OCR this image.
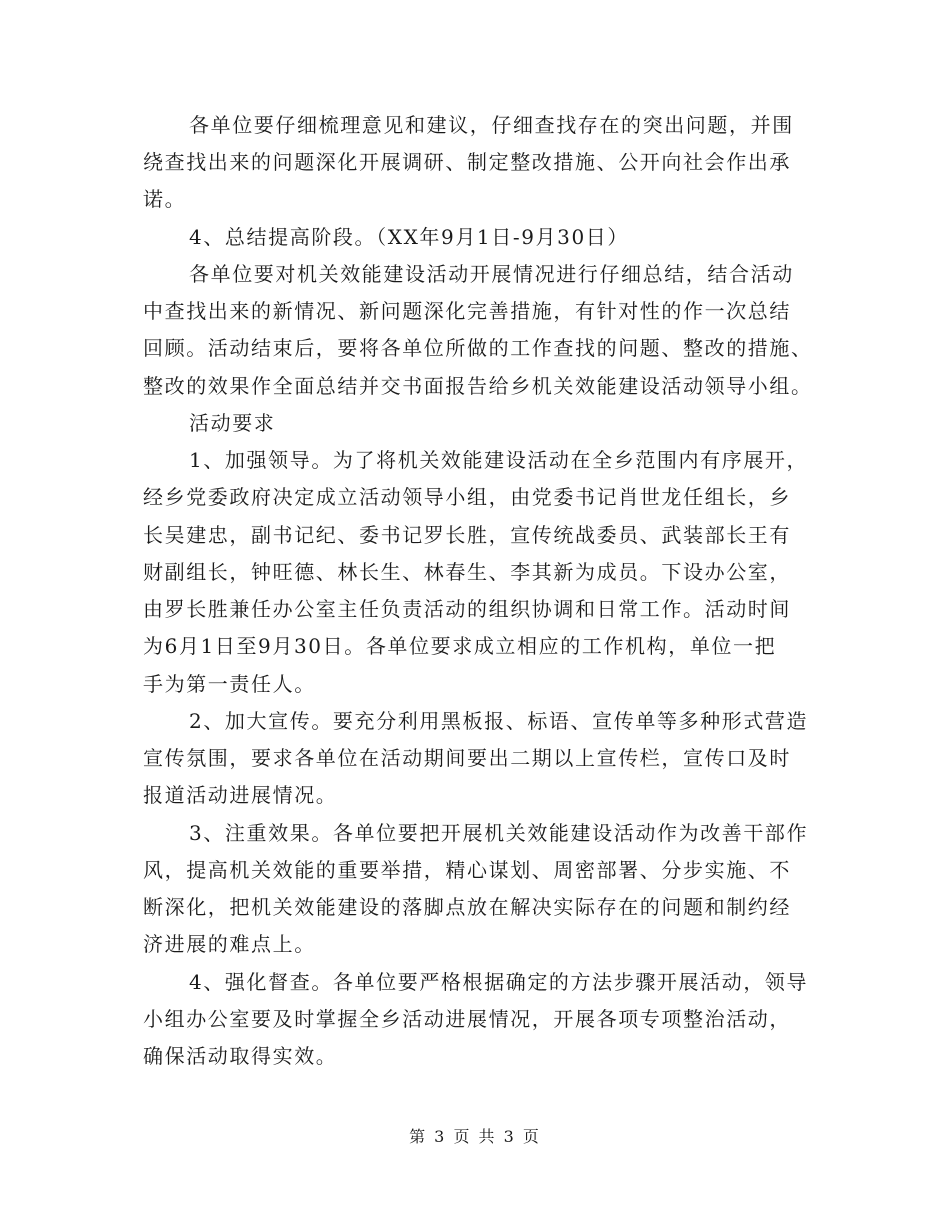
各单位要仔细梳理意见和建议，仔细查找存在的突出问题，并围
绕查找出来的问题深化开展调研、制定整改措施、公开向社会作出承
诺。
4、总结提高阶段。（XX年9月1日-9月30日）
各单位要对机关效能建设活动开展情况进行仔细总结，结合活动
中查找出来的新情况、新问题深化完善措施，有针对性的作一次总结
回顾。活动结束后，要将各单位所做的工作查找的问题、整改的措施、
整改的效果作全面总结并交书面报告给乡机关效能建设活动领导小组。
活动要求
1、加强领导。为了将机关效能建设活动在全乡范围内有序展开，
经乡党委政府决定成立活动领导小组，由党委书记肖世龙任组长，乡
长吴建忠，副书记纪、委书记罗长胜，宣传统战委员、武装部长王有
财副组长，钟旺德、林长生、林春生、李其新为成员。下设办公室，
由罗长胜兼任办公室主任负责活动的组织协调和日常工作。活动时间
为6月1日至9月30日。各单位要求成立相应的工作机构，单位一把
手为第一责任人。
2、加大宣传。要充分利用黑板报、标语、宣传单等多种形式营造
宣传氛围，要求各单位在活动期间要出二期以上宣传栏，宣传口及时
报道活动进展情况。
3、注重效果。各单位要把开展机关效能建设活动作为改善干部作
风，提高机关效能的重要举措，精心谋划、周密部署、分步实施、不
断深化，把机关效能建设的落脚点放在解决实际存在的问题和制约经
济进展的难点上。
4、强化督查。各单位要严格根据确定的方法步骤开展活动，领导
小组办公室要及时掌握全乡活动进展情况，开展各项专项整治活动，
确保活动取得实效。
第 3 页 共 3 页
